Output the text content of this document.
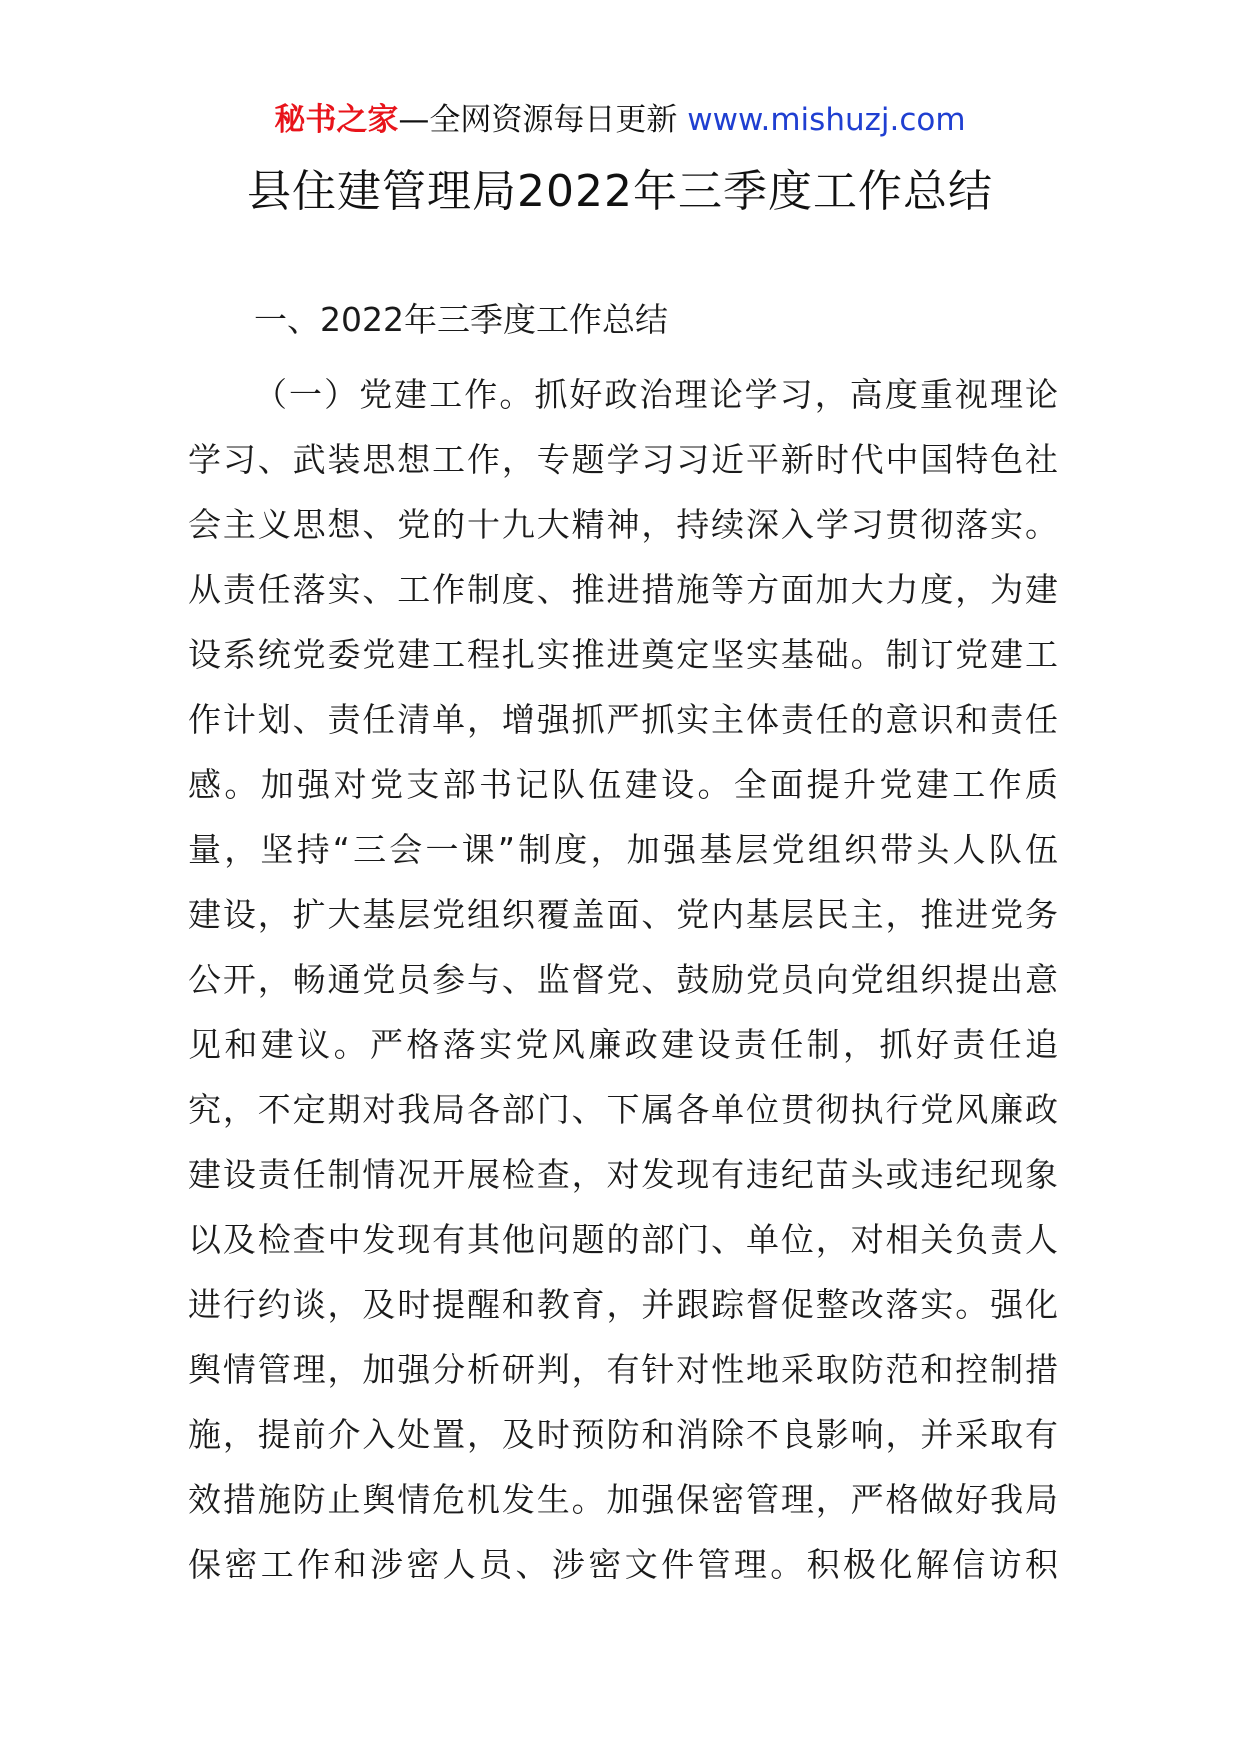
秘书之家—全网资源每日更新 www.mishuzj.com
县住建管理局2022年三季度工作总结
一、2022年三季度工作总结
（一）党建工作。抓好政治理论学习，高度重视理论
学习、武装思想工作，专题学习习近平新时代中国特色社
会主义思想、党的十九大精神，持续深入学习贯彻落实。
从责任落实、工作制度、推进措施等方面加大力度，为建
设系统党委党建工程扎实推进奠定坚实基础。制订党建工
作计划、责任清单，增强抓严抓实主体责任的意识和责任
感。加强对党支部书记队伍建设。全面提升党建工作质
量，坚持“三会一课”制度，加强基层党组织带头人队伍
建设，扩大基层党组织覆盖面、党内基层民主，推进党务
公开，畅通党员参与、监督党、鼓励党员向党组织提出意
见和建议。严格落实党风廉政建设责任制，抓好责任追
究，不定期对我局各部门、下属各单位贯彻执行党风廉政
建设责任制情况开展检查，对发现有违纪苗头或违纪现象
以及检查中发现有其他问题的部门、单位，对相关负责人
进行约谈，及时提醒和教育，并跟踪督促整改落实。强化
舆情管理，加强分析研判，有针对性地采取防范和控制措
施，提前介入处置，及时预防和消除不良影响，并采取有
效措施防止舆情危机发生。加强保密管理，严格做好我局
保密工作和涉密人员、涉密文件管理。积极化解信访积
